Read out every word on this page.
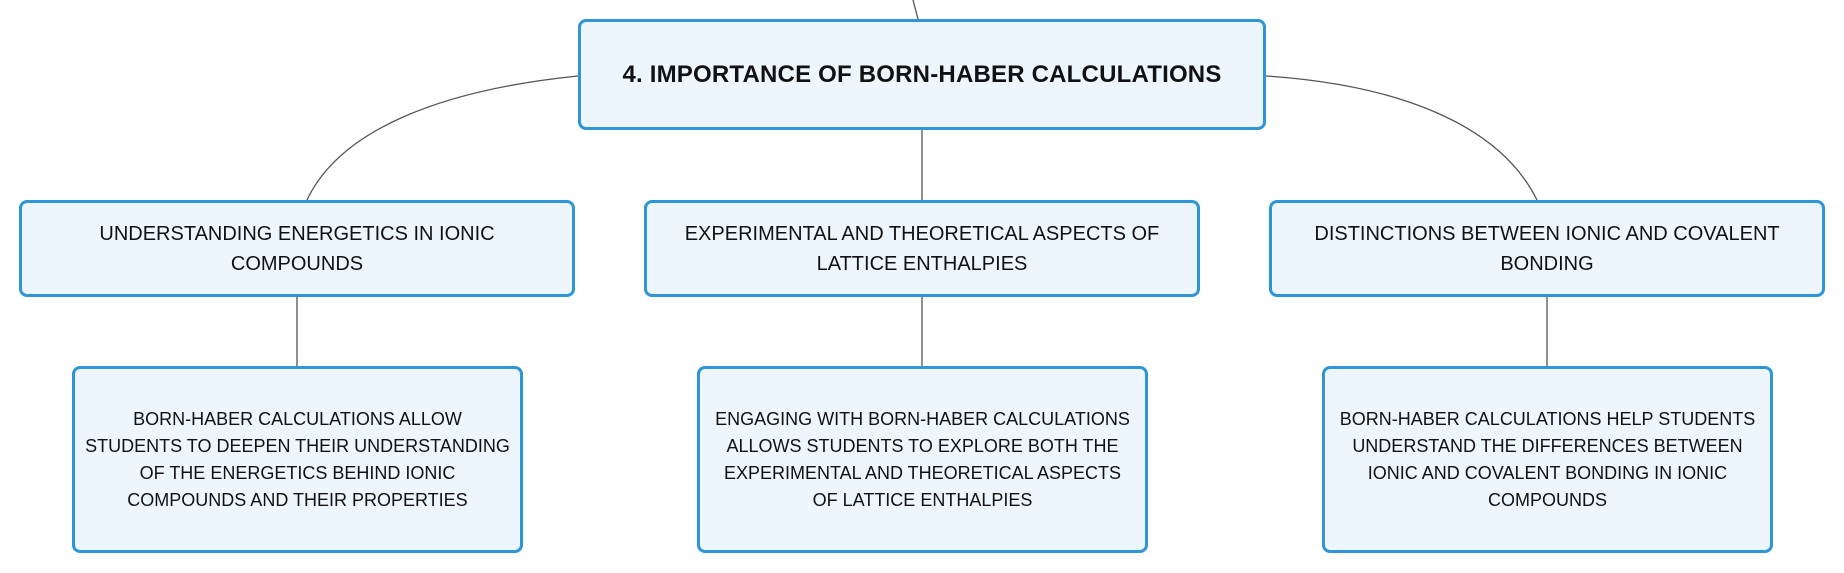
4. IMPORTANCE OF BORN-HABER CALCULATIONS
UNDERSTANDING ENERGETICS IN IONIC COMPOUNDS
EXPERIMENTAL AND THEORETICAL ASPECTS OF LATTICE ENTHALPIES
DISTINCTIONS BETWEEN IONIC AND COVALENT BONDING
BORN-HABER CALCULATIONS ALLOW STUDENTS TO DEEPEN THEIR UNDERSTANDING OF THE ENERGETICS BEHIND IONIC COMPOUNDS AND THEIR PROPERTIES
ENGAGING WITH BORN-HABER CALCULATIONS ALLOWS STUDENTS TO EXPLORE BOTH THE EXPERIMENTAL AND THEORETICAL ASPECTS OF LATTICE ENTHALPIES
BORN-HABER CALCULATIONS HELP STUDENTS UNDERSTAND THE DIFFERENCES BETWEEN IONIC AND COVALENT BONDING IN IONIC COMPOUNDS
